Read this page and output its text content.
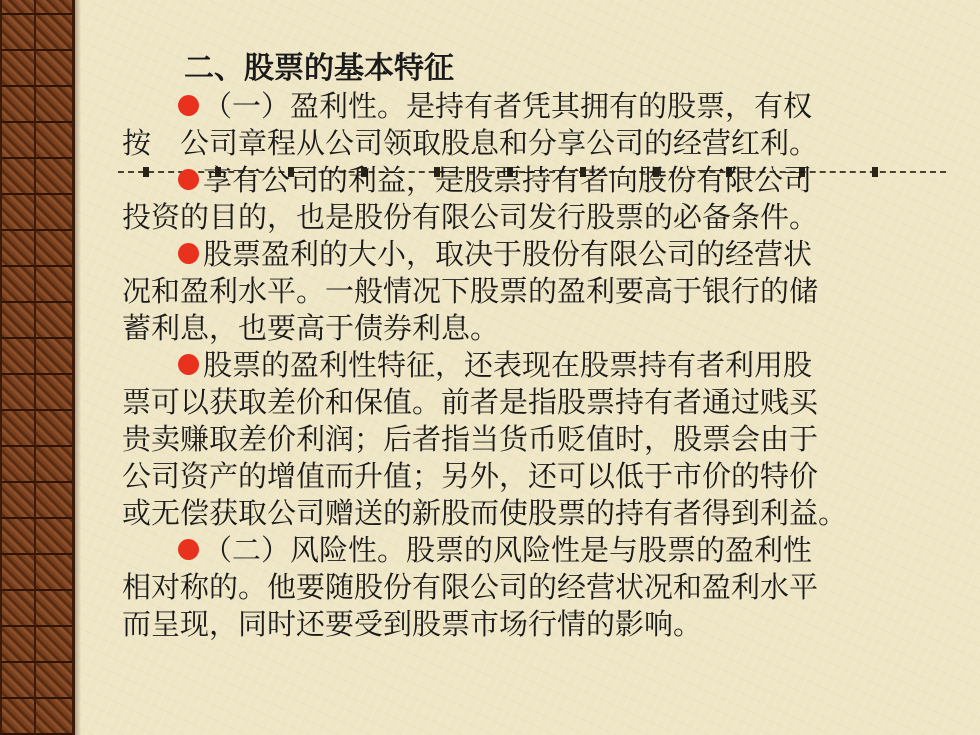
二、股票的基本特征

（一）盈利性。是持有者凭其拥有的股票，有权
按　公司章程从公司领取股息和分享公司的经营红利。

享有公司的利益，是股票持有者向股份有限公司
投资的目的，也是股份有限公司发行股票的必备条件。

股票盈利的大小，取决于股份有限公司的经营状
况和盈利水平。一般情况下股票的盈利要高于银行的储
蓄利息，也要高于债券利息。

股票的盈利性特征，还表现在股票持有者利用股
票可以获取差价和保值。前者是指股票持有者通过贱买
贵卖赚取差价利润；后者指当货币贬值时，股票会由于
公司资产的增值而升值；另外，还可以低于市价的特价
或无偿获取公司赠送的新股而使股票的持有者得到利益。

（二）风险性。股票的风险性是与股票的盈利性
相对称的。他要随股份有限公司的经营状况和盈利水平
而呈现，同时还要受到股票市场行情的影响。
